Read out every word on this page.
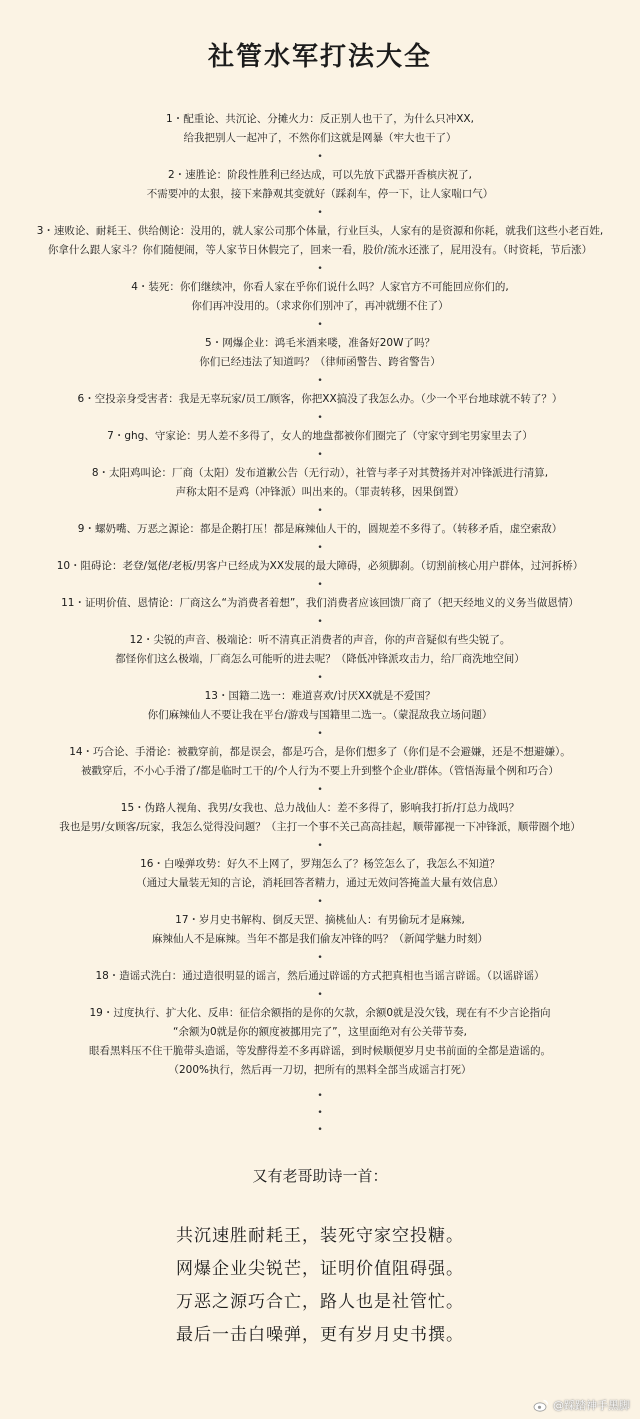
社管水军打法大全
1・配重论、共沉论、分摊火力：反正别人也干了，为什么只冲XX,
给我把别人一起冲了，不然你们这就是网暴（牢大也干了）
•
2・速胜论：阶段性胜利已经达成，可以先放下武器开香槟庆祝了,
不需要冲的太狠，接下来静观其变就好（踩刹车，停一下，让人家喘口气）
•
3・速败论、耐耗王、供给侧论：没用的，就人家公司那个体量，行业巨头，人家有的是资源和你耗，就我们这些小老百姓,
你拿什么跟人家斗？你们随便闹，等人家节日休假完了，回来一看，股价/流水还涨了，屁用没有。（时资耗，节后涨）
•
4・装死：你们继续冲，你看人家在乎你们说什么吗？人家官方不可能回应你们的,
你们再冲没用的。（求求你们别冲了，再冲就绷不住了）
•
5・网爆企业：鸿毛米酒来喽，准备好20W了吗？
你们已经违法了知道吗？（律师函警告、跨省警告）
•
6・空投亲身受害者：我是无辜玩家/员工/顾客，你把XX搞没了我怎么办。（少一个平台地球就不转了？）
•
7・ghg、守家论：男人差不多得了，女人的地盘都被你们圈完了（守家守到宅男家里去了）
•
8・太阳鸡叫论：厂商（太阳）发布道歉公告（无行动），社管与孝子对其赞扬并对冲锋派进行清算,
声称太阳不是鸡（冲锋派）叫出来的。（罪责转移，因果倒置）
•
9・螺奶嘴、万恶之源论：都是企鹅打压！都是麻辣仙人干的，圆规差不多得了。（转移矛盾，虚空索敌）
•
10・阻碍论：老登/氪佬/老板/男客户已经成为XX发展的最大障碍，必须脚刹。（切割前核心用户群体，过河拆桥）
•
11・证明价值、恩情论：厂商这么“为消费者着想”，我们消费者应该回馈厂商了（把天经地义的义务当做恩情）
•
12・尖锐的声音、极端论：听不清真正消费者的声音，你的声音疑似有些尖锐了。
都怪你们这么极端，厂商怎么可能听的进去呢？（降低冲锋派攻击力，给厂商洗地空间）
•
13・国籍二选一：难道喜欢/讨厌XX就是不爱国？
你们麻辣仙人不要让我在平台/游戏与国籍里二选一。（蒙混敌我立场问题）
•
14・巧合论、手滑论：被戳穿前，都是误会，都是巧合，是你们想多了（你们是不会避嫌，还是不想避嫌）。
被戳穿后，不小心手滑了/都是临时工干的/个人行为不要上升到整个企业/群体。（管悟海量个例和巧合）
•
15・伪路人视角、我男/女我也、总力战仙人：差不多得了，影响我打折/打总力战吗？
我也是男/女顾客/玩家，我怎么觉得没问题？（主打一个事不关己高高挂起，顺带鄙视一下冲锋派，顺带圈个地）
•
16・白噪弹攻势：好久不上网了，罗翔怎么了？杨笠怎么了，我怎么不知道？
（通过大量装无知的言论，消耗回答者精力，通过无效问答掩盖大量有效信息）
•
17・岁月史书解构、倒反天罡、摘桃仙人：有男偷玩才是麻辣,
麻辣仙人不是麻辣。当年不都是我们偷友冲锋的吗？（新闻学魅力时刻）
•
18・造谣式洗白：通过造很明显的谣言，然后通过辟谣的方式把真相也当谣言辟谣。（以谣辟谣）
•
19・过度执行、扩大化、反串：征信余额指的是你的欠款，余额0就是没欠钱，现在有不少言论指向
“余额为0就是你的额度被挪用完了”，这里面绝对有公关带节奏,
眼看黑料压不住干脆带头造谣，等发酵得差不多再辟谣，到时候顺便岁月史书前面的全都是造谣的。
（200%执行，然后再一刀切，把所有的黑料全部当成谣言打死）
•
•
•
又有老哥助诗一首：
共沉速胜耐耗王，装死守家空投糖。
网爆企业尖锐芒，证明价值阻碍强。
万恶之源巧合亡，路人也是社管忙。
最后一击白噪弹，更有岁月史书撰。
@踩踏神手黑脚
